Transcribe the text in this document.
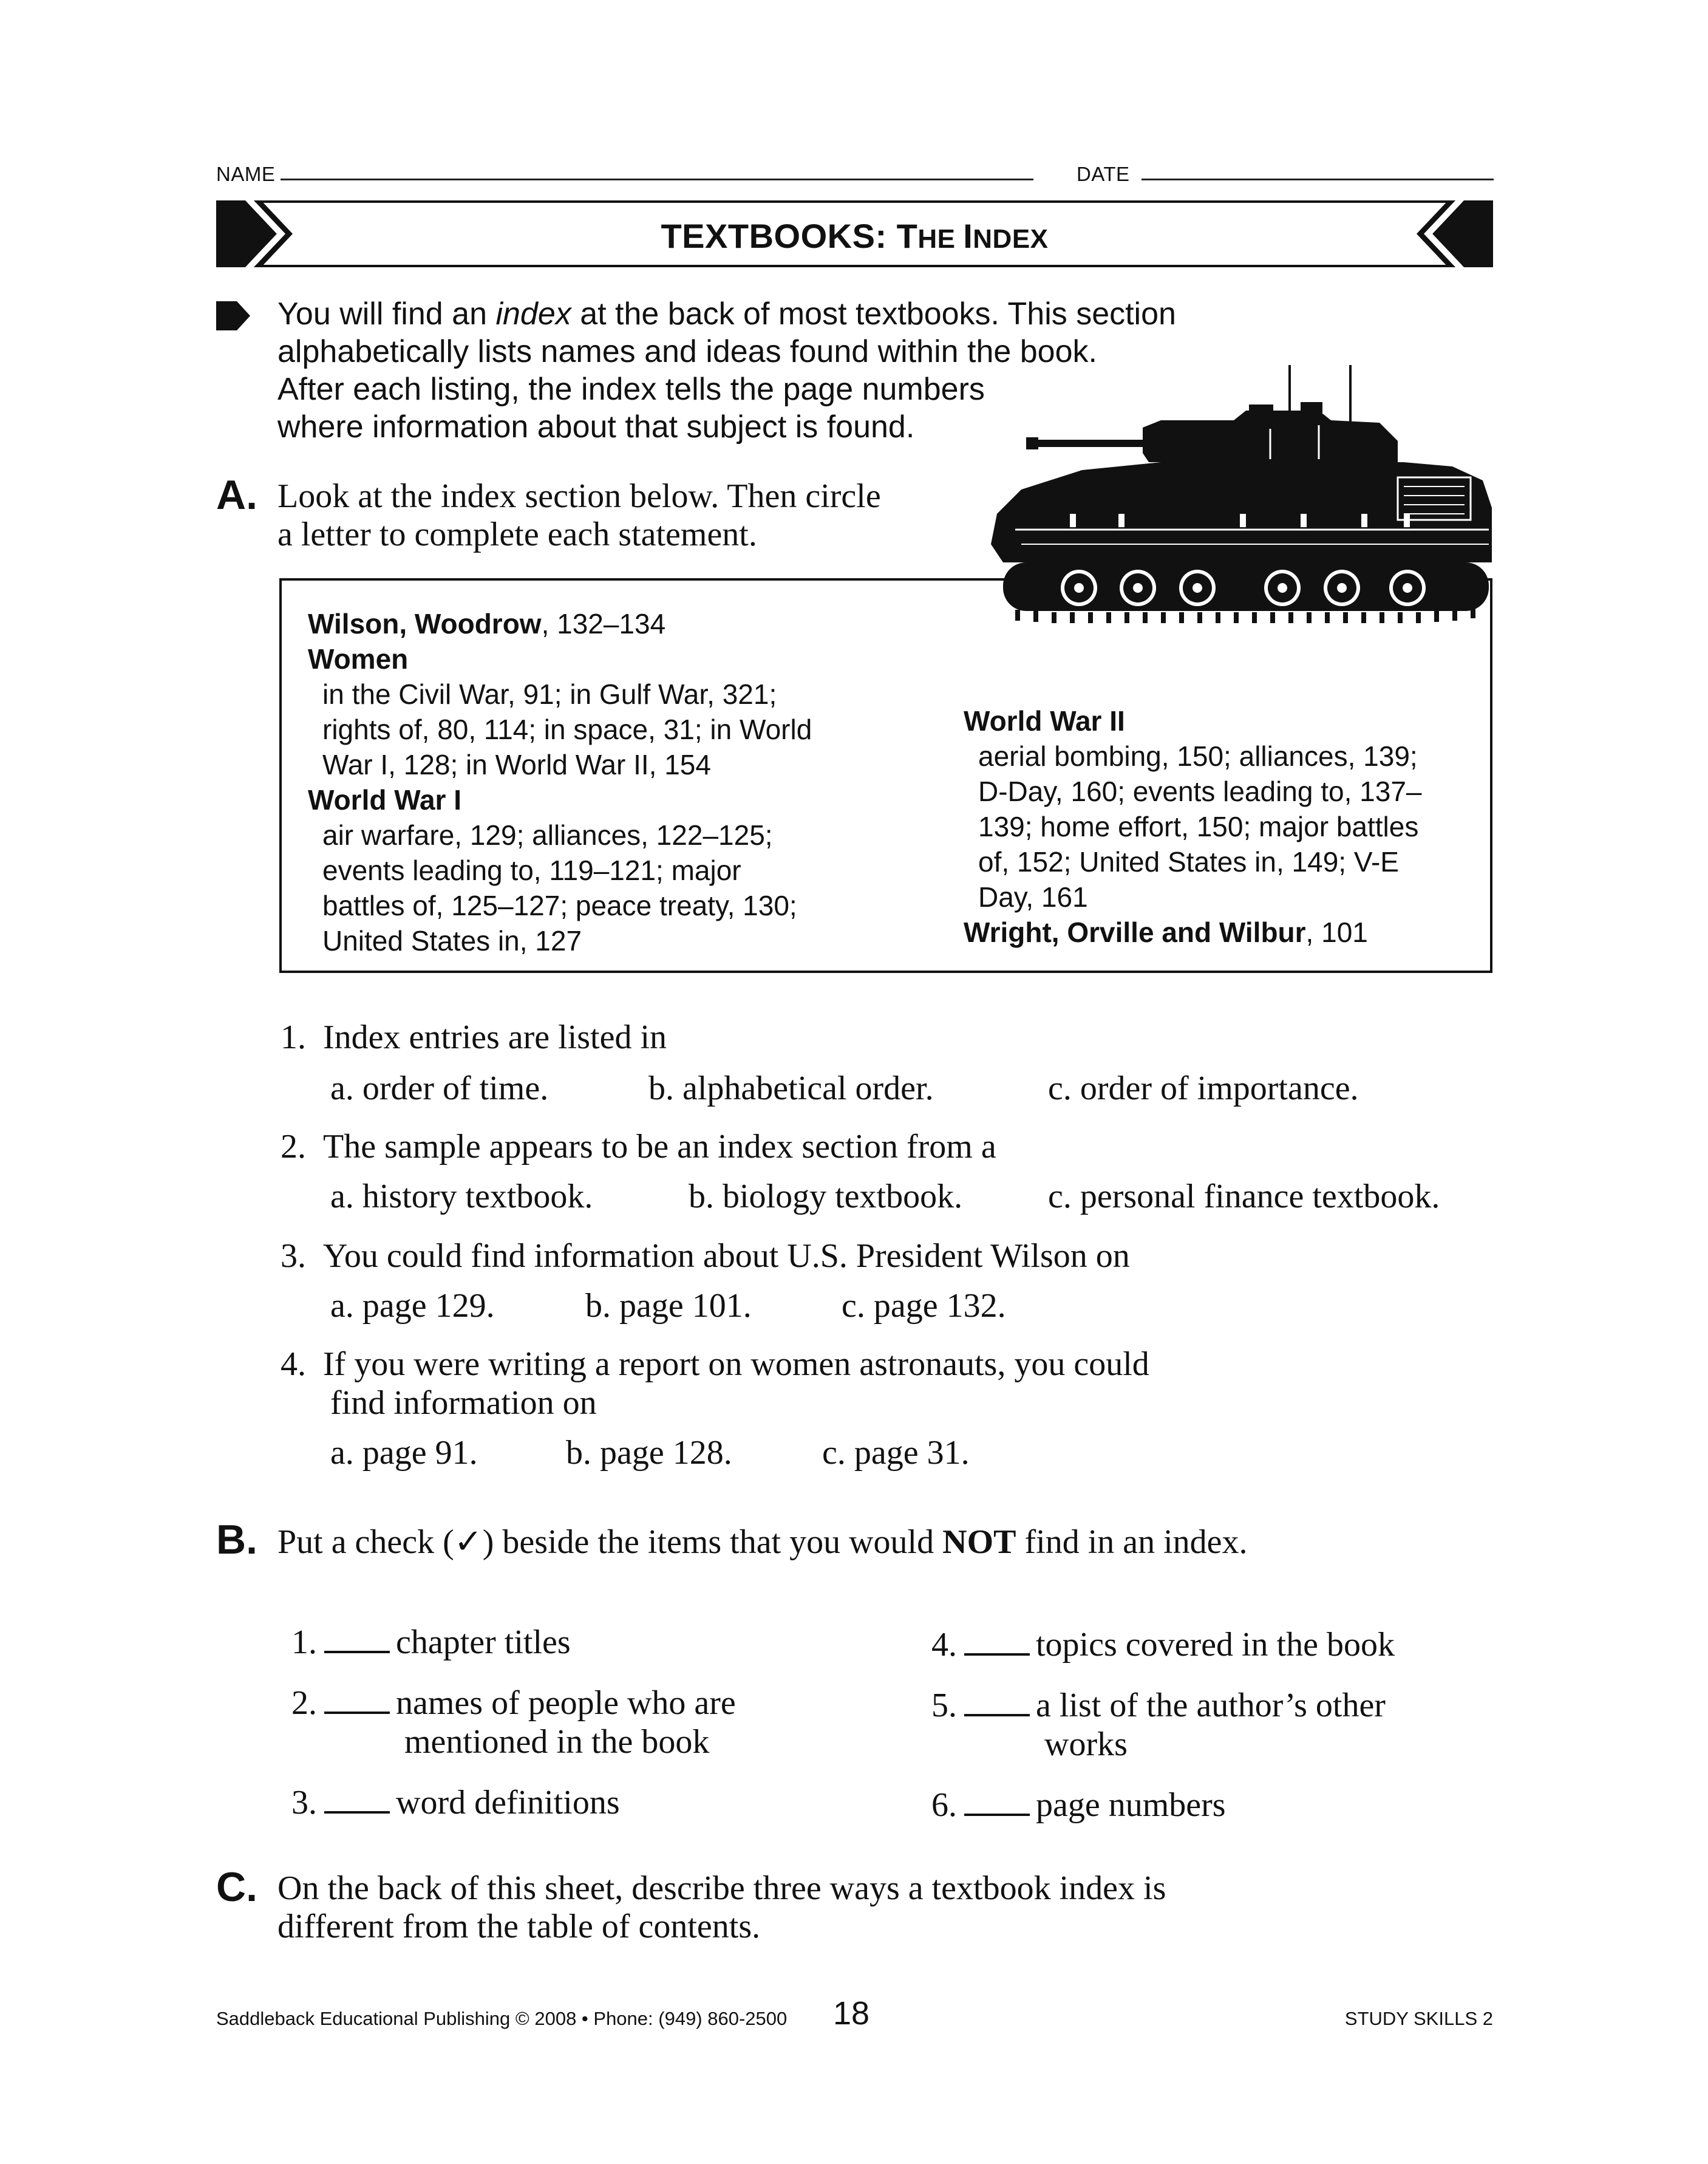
NAME	DATE
TEXTBOOKS: THE INDEX
You will find an index at the back of most textbooks. This section
alphabetically lists names and ideas found within the book.
After each listing, the index tells the page numbers
where information about that subject is found.
A. Look at the index section below. Then circle
a letter to complete each statement.
Wilson, Woodrow, 132–134
Women
in the Civil War, 91; in Gulf War, 321;
rights of, 80, 114; in space, 31; in World
War I, 128; in World War II, 154
World War I
air warfare, 129; alliances, 122–125;
events leading to, 119–121; major
battles of, 125–127; peace treaty, 130;
United States in, 127
World War II
aerial bombing, 150; alliances, 139;
D-Day, 160; events leading to, 137–
139; home effort, 150; major battles
of, 152; United States in, 149; V-E
Day, 161
Wright, Orville and Wilbur, 101
1. Index entries are listed in
a. order of time.	b. alphabetical order.	c. order of importance.
2. The sample appears to be an index section from a
a. history textbook.	b. biology textbook.	c. personal finance textbook.
3. You could find information about U.S. President Wilson on
a. page 129.	b. page 101.	c. page 132.
4. If you were writing a report on women astronauts, you could
find information on
a. page 91.	b. page 128.	c. page 31.
B. Put a check (✓) beside the items that you would NOT find in an index.
1. chapter titles
2. names of people who are
mentioned in the book
3. word definitions
4. topics covered in the book
5. a list of the author’s other
works
6. page numbers
C. On the back of this sheet, describe three ways a textbook index is
different from the table of contents.
Saddleback Educational Publishing © 2008 • Phone: (949) 860-2500 18	STUDY SKILLS 2
